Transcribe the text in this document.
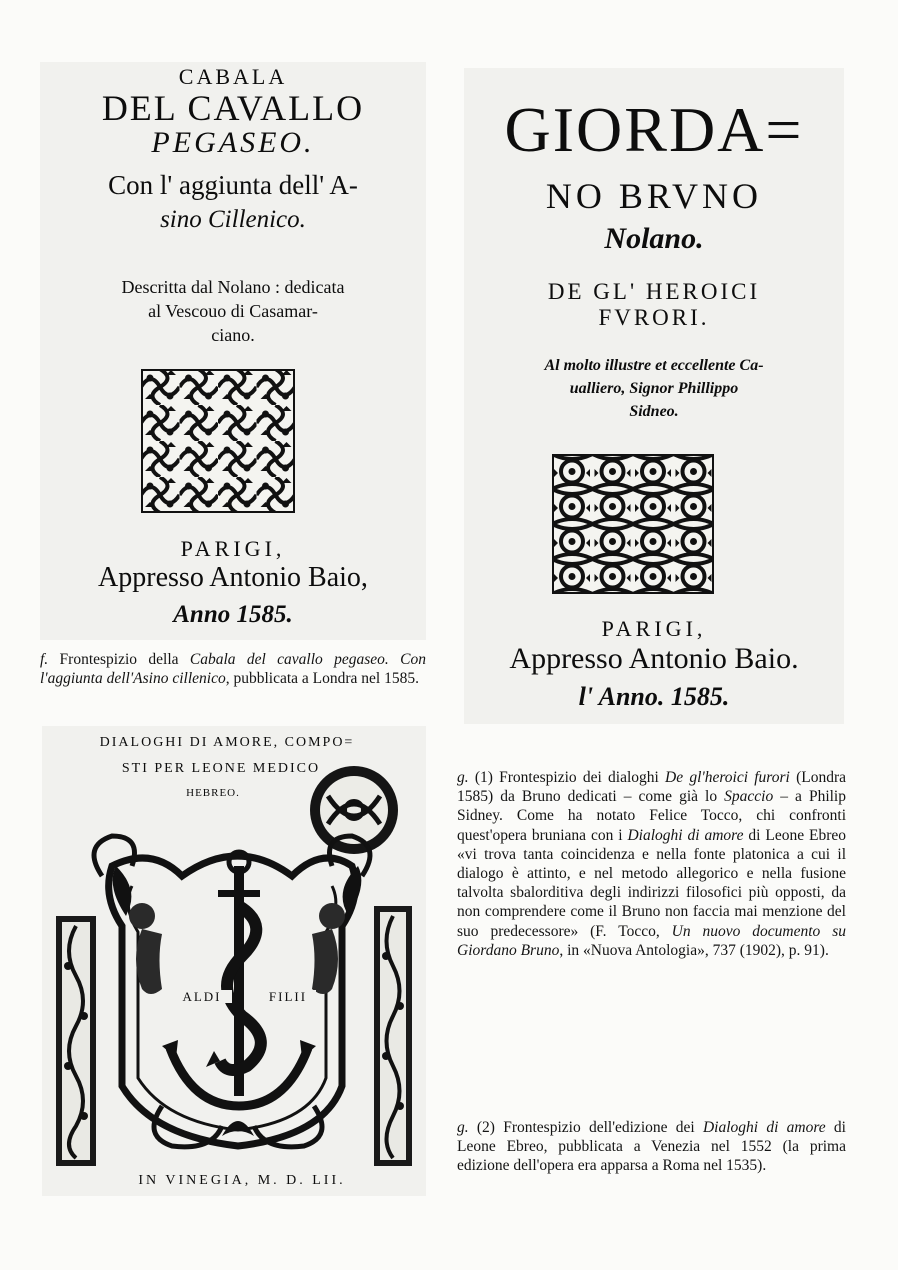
CABALA
DEL CAVALLO
PEGASEO.
Con l' aggiunta dell' A-
sino Cillenico.
Descritta dal Nolano : dedicata
al Vescouo di Casamar-
ciano.
PARIGI,
Appresso Antonio Baio,
Anno 1585.
f. Frontespizio della Cabala del cavallo pegaseo. Con l'aggiunta dell'Asino cillenico, pubblicata a Londra nel 1585.
GIORDA=
NO BRVNO
Nolano.
DE GL' HEROICI
FVRORI.
Al molto illustre et eccellente Ca-
ualliero, Signor Phillippo
Sidneo.
PARIGI,
Appresso Antonio Baio.
l' Anno. 1585.
DIALOGHI DI AMORE, COMPO=
STI PER LEONE MEDICO
HEBREO.
IN VINEGIA, M. D. LII.
ALDI	FILII
g. (1) Frontespizio dei dialoghi De gl'heroici furori (Londra 1585) da Bruno dedicati – come già lo Spaccio – a Philip Sidney. Come ha notato Felice Tocco, chi confronti quest'opera bruniana con i Dialoghi di amore di Leone Ebreo «vi trova tanta coincidenza e nella fonte platonica a cui il dialogo è attinto, e nel metodo allegorico e nella fusione talvolta sbalorditiva degli indirizzi filosofici più opposti, da non comprendere come il Bruno non faccia mai menzione del suo predecessore» (F. Tocco, Un nuovo documento su Giordano Bruno, in «Nuova Antologia», 737 (1902), p. 91).
g. (2) Frontespizio dell'edizione dei Dialoghi di amore di Leone Ebreo, pubblicata a Venezia nel 1552 (la prima edizione dell'opera era apparsa a Roma nel 1535).
